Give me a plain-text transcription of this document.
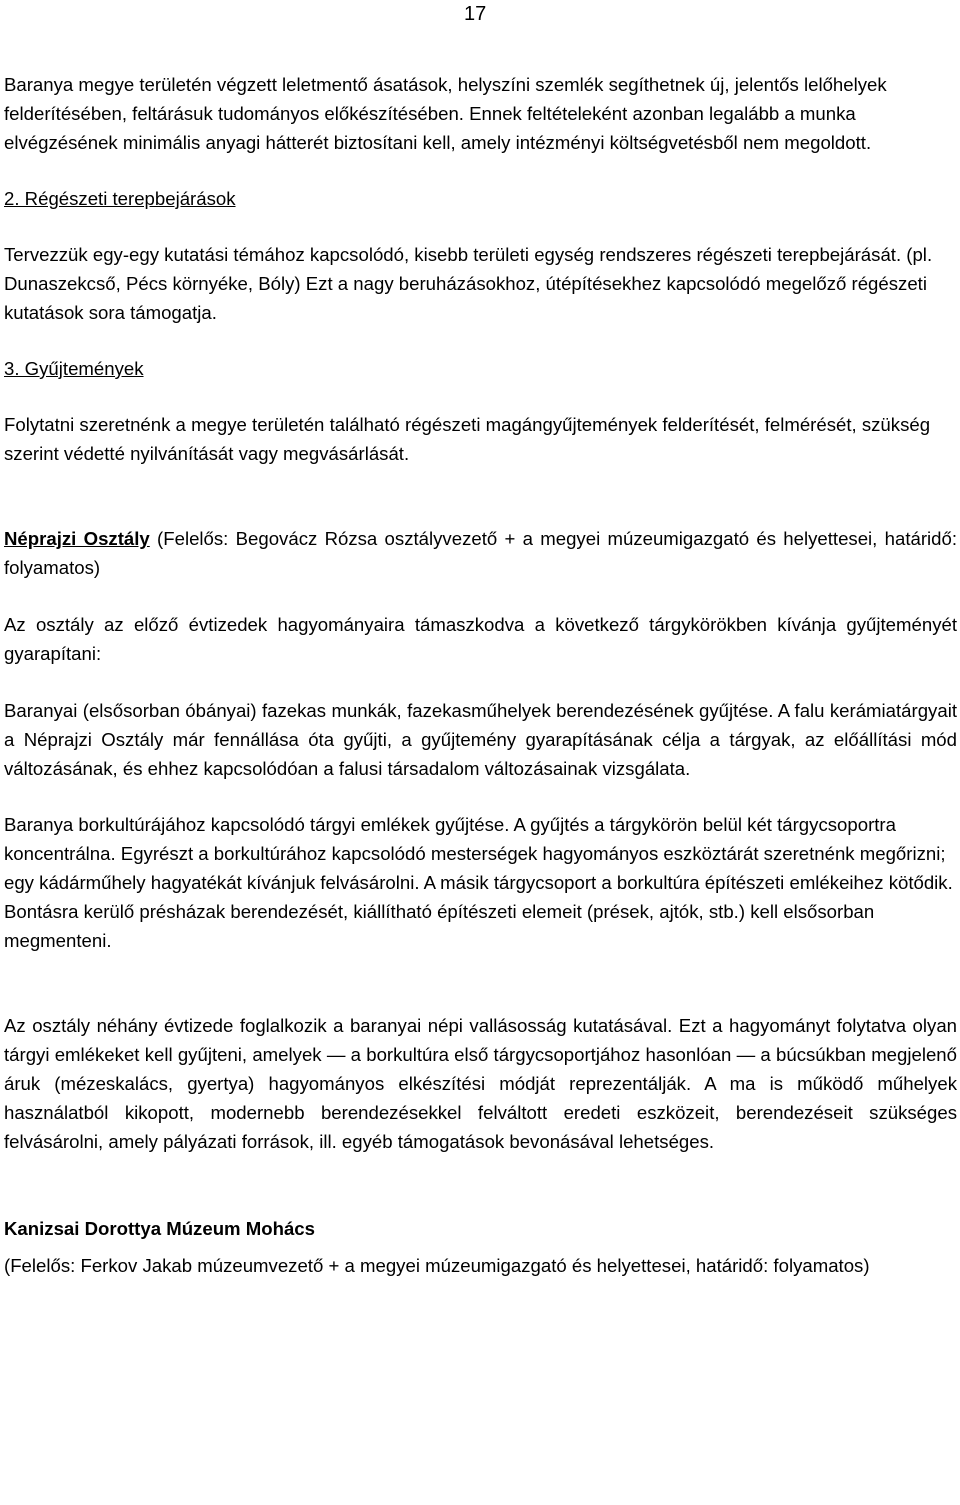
17

Baranya megye területén végzett leletmentő ásatások, helyszíni szemlék segíthetnek új, jelentős lelőhelyek felderítésében, feltárásuk tudományos előkészítésében. Ennek feltételeként azonban legalább a munka elvégzésének minimális anyagi hátterét biztosítani kell, amely intézményi költségvetésből nem megoldott.

2. Régészeti terepbejárások

Tervezzük egy-egy kutatási témához kapcsolódó, kisebb területi egység rendszeres régészeti terepbejárását. (pl. Dunaszekcső, Pécs környéke, Bóly) Ezt a nagy beruházásokhoz, útépítésekhez kapcsolódó megelőző régészeti kutatások sora támogatja.

3. Gyűjtemények

Folytatni szeretnénk a megye területén található régészeti magángyűjtemények felderítését, felmérését, szükség szerint védetté nyilvánítását vagy megvásárlását.

Néprajzi Osztály (Felelős: Begovácz Rózsa osztályvezető + a megyei múzeumigazgató és helyettesei, határidő: folyamatos)

Az osztály az előző évtizedek hagyományaira támaszkodva a következő tárgykörökben kívánja gyűjteményét gyarapítani:

Baranyai (elsősorban óbányai) fazekas munkák, fazekasműhelyek berendezésének gyűjtése. A falu kerámiatárgyait a Néprajzi Osztály már fennállása óta gyűjti, a gyűjtemény gyarapításának célja a tárgyak, az előállítási mód változásának, és ehhez kapcsolódóan a falusi társadalom változásainak vizsgálata.

Baranya borkultúrájához kapcsolódó tárgyi emlékek gyűjtése. A gyűjtés a tárgykörön belül két tárgycsoportra koncentrálna. Egyrészt a borkultúrához kapcsolódó mesterségek hagyományos eszköztárát szeretnénk megőrizni; egy kádárműhely hagyatékát kívánjuk felvásárolni. A másik tárgycsoport a borkultúra építészeti emlékeihez kötődik. Bontásra kerülő présházak berendezését, kiállítható építészeti elemeit (prések, ajtók, stb.) kell elsősorban megmenteni.

Az osztály néhány évtizede foglalkozik a baranyai népi vallásosság kutatásával. Ezt a hagyományt folytatva olyan tárgyi emlékeket kell gyűjteni, amelyek — a borkultúra első tárgycsoportjához hasonlóan — a búcsúkban megjelenő áruk (mézeskalács, gyertya) hagyományos elkészítési módját reprezentálják. A ma is működő műhelyek használatból kikopott, modernebb berendezésekkel felváltott eredeti eszközeit, berendezéseit szükséges felvásárolni, amely pályázati források, ill. egyéb támogatások bevonásával lehetséges.

Kanizsai Dorottya Múzeum Mohács

(Felelős: Ferkov Jakab múzeumvezető + a megyei múzeumigazgató és helyettesei, határidő: folyamatos)
